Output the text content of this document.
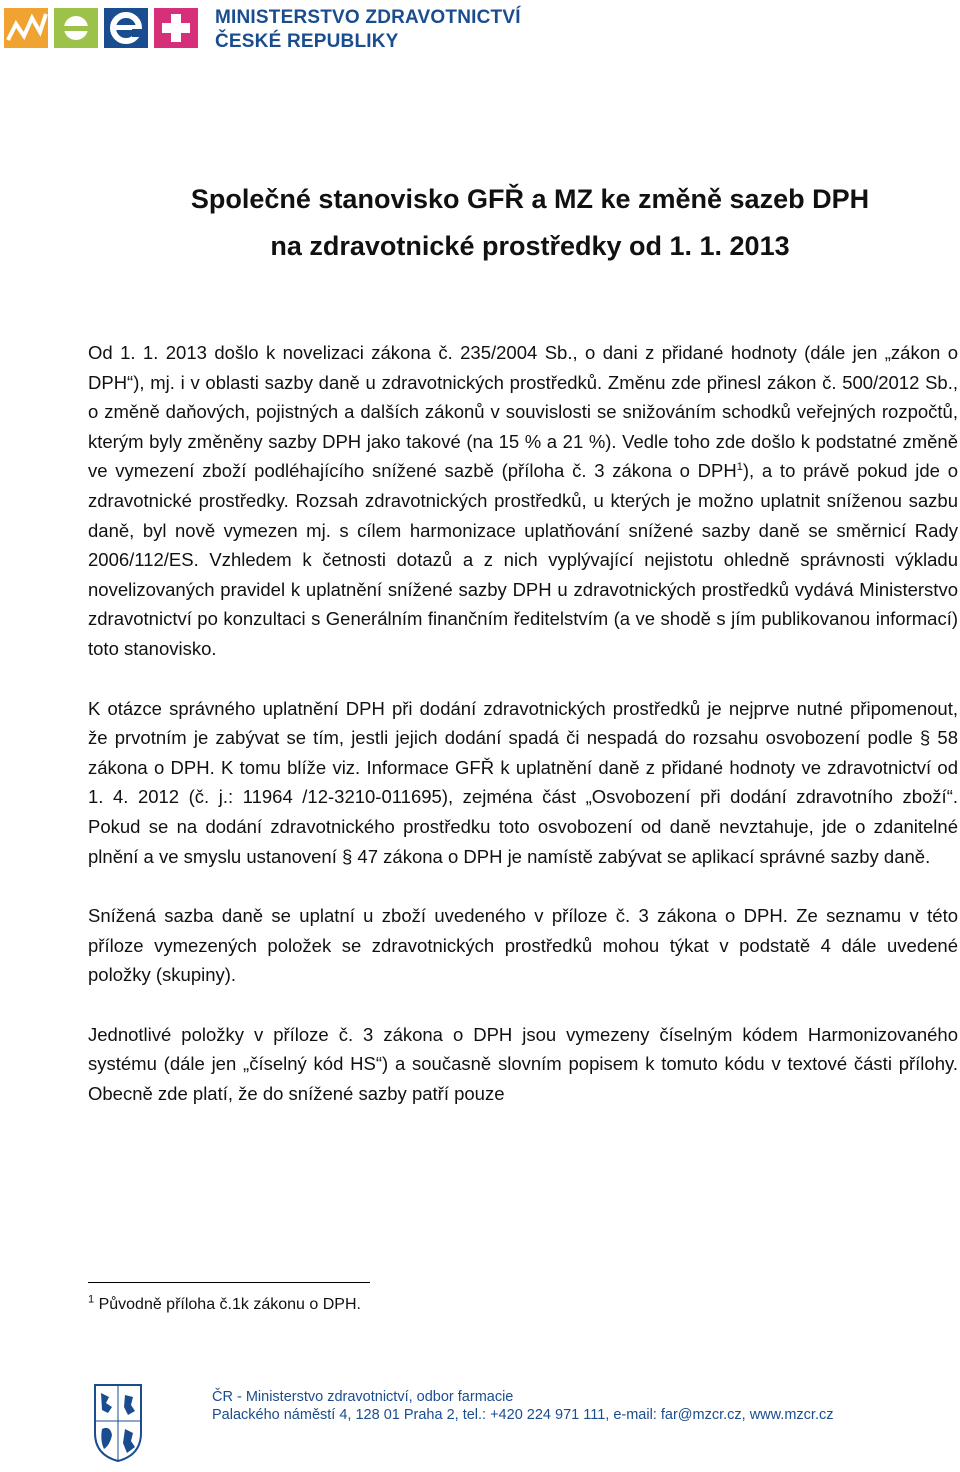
MINISTERSTVO ZDRAVOTNICTVÍ
ČESKÉ REPUBLIKY
Společné stanovisko GFŘ a MZ ke změně sazeb DPH
na zdravotnické prostředky od 1. 1. 2013

Od 1. 1. 2013 došlo k novelizaci zákona č. 235/2004 Sb., o dani z přidané hodnoty (dále jen „zákon o DPH“), mj. i v oblasti sazby daně u zdravotnických prostředků. Změnu zde přinesl zákon č. 500/2012 Sb., o změně daňových, pojistných a dalších zákonů v souvislosti se snižováním schodků veřejných rozpočtů, kterým byly změněny sazby DPH jako takové (na 15 % a 21 %). Vedle toho zde došlo k podstatné změně ve vymezení zboží podléhajícího snížené sazbě (příloha č. 3 zákona o DPH$^1$), a to právě pokud jde o zdravotnické prostředky. Rozsah zdravotnických prostředků, u kterých je možno uplatnit sníženou sazbu daně, byl nově vymezen mj. s cílem harmonizace uplatňování snížené sazby daně se směrnicí Rady 2006/112/ES. Vzhledem k četnosti dotazů a z nich vyplývající nejistotu ohledně správnosti výkladu novelizovaných pravidel k uplatnění snížené sazby DPH u zdravotnických prostředků vydává Ministerstvo zdravotnictví po konzultaci s Generálním finančním ředitelstvím (a ve shodě s jím publikovanou informací) toto stanovisko.

K otázce správného uplatnění DPH při dodání zdravotnických prostředků je nejprve nutné připomenout, že prvotním je zabývat se tím, jestli jejich dodání spadá či nespadá do rozsahu osvobození podle § 58 zákona o DPH. K tomu blíže viz. Informace GFŘ k uplatnění daně z přidané hodnoty ve zdravotnictví od 1. 4. 2012 (č. j.: 11964 /12-3210-011695), zejména část „Osvobození při dodání zdravotního zboží“. Pokud se na dodání zdravotnického prostředku toto osvobození od daně nevztahuje, jde o zdanitelné plnění a ve smyslu ustanovení § 47 zákona o DPH je namístě zabývat se aplikací správné sazby daně.

Snížená sazba daně se uplatní u zboží uvedeného v příloze č. 3 zákona o DPH. Ze seznamu v této příloze vymezených položek se zdravotnických prostředků mohou týkat v podstatě 4 dále uvedené položky (skupiny).

Jednotlivé položky v příloze č. 3 zákona o DPH jsou vymezeny číselným kódem Harmonizovaného systému (dále jen „číselný kód HS“) a současně slovním popisem k tomuto kódu v textové části přílohy. Obecně zde platí, že do snížené sazby patří pouze

$^1$ Původně příloha č.1k zákonu o DPH.
ČR - Ministerstvo zdravotnictví, odbor farmacie
Palackého náměstí 4, 128 01 Praha 2, tel.: +420 224 971 111, e-mail: far@mzcr.cz, www.mzcr.cz
